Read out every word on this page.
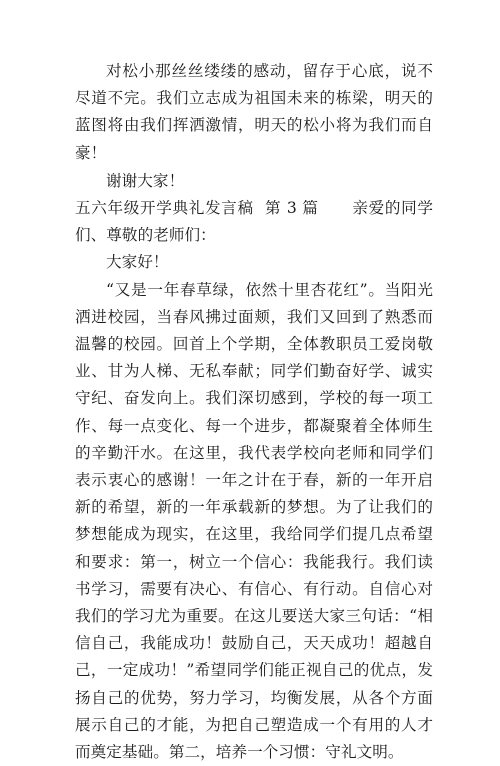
对松小那丝丝缕缕的感动，留存于心底，说不尽道不完。我们立志成为祖国未来的栋梁，明天的蓝图将由我们挥洒激情，明天的松小将为我们而自豪！

谢谢大家！

五六年级开学典礼发言稿  第 3 篇      亲爱的同学们、尊敬的老师们：

大家好！

“又是一年春草绿，依然十里杏花红”。当阳光洒进校园，当春风拂过面颊，我们又回到了熟悉而温馨的校园。回首上个学期，全体教职员工爱岗敬业、甘为人梯、无私奉献；同学们勤奋好学、诚实守纪、奋发向上。我们深切感到，学校的每一项工作、每一点变化、每一个进步，都凝聚着全体师生的辛勤汗水。在这里，我代表学校向老师和同学们表示衷心的感谢！一年之计在于春，新的一年开启新的希望，新的一年承载新的梦想。为了让我们的梦想能成为现实，在这里，我给同学们提几点希望和要求：第一，树立一个信心：我能我行。我们读书学习，需要有决心、有信心、有行动。自信心对我们的学习尤为重要。在这儿要送大家三句话：“相信自己，我能成功！鼓励自己，天天成功！超越自己，一定成功！”希望同学们能正视自己的优点，发扬自己的优势，努力学习，均衡发展，从各个方面展示自己的才能，为把自己塑造成一个有用的人才而奠定基础。第二，培养一个习惯：守礼文明。
